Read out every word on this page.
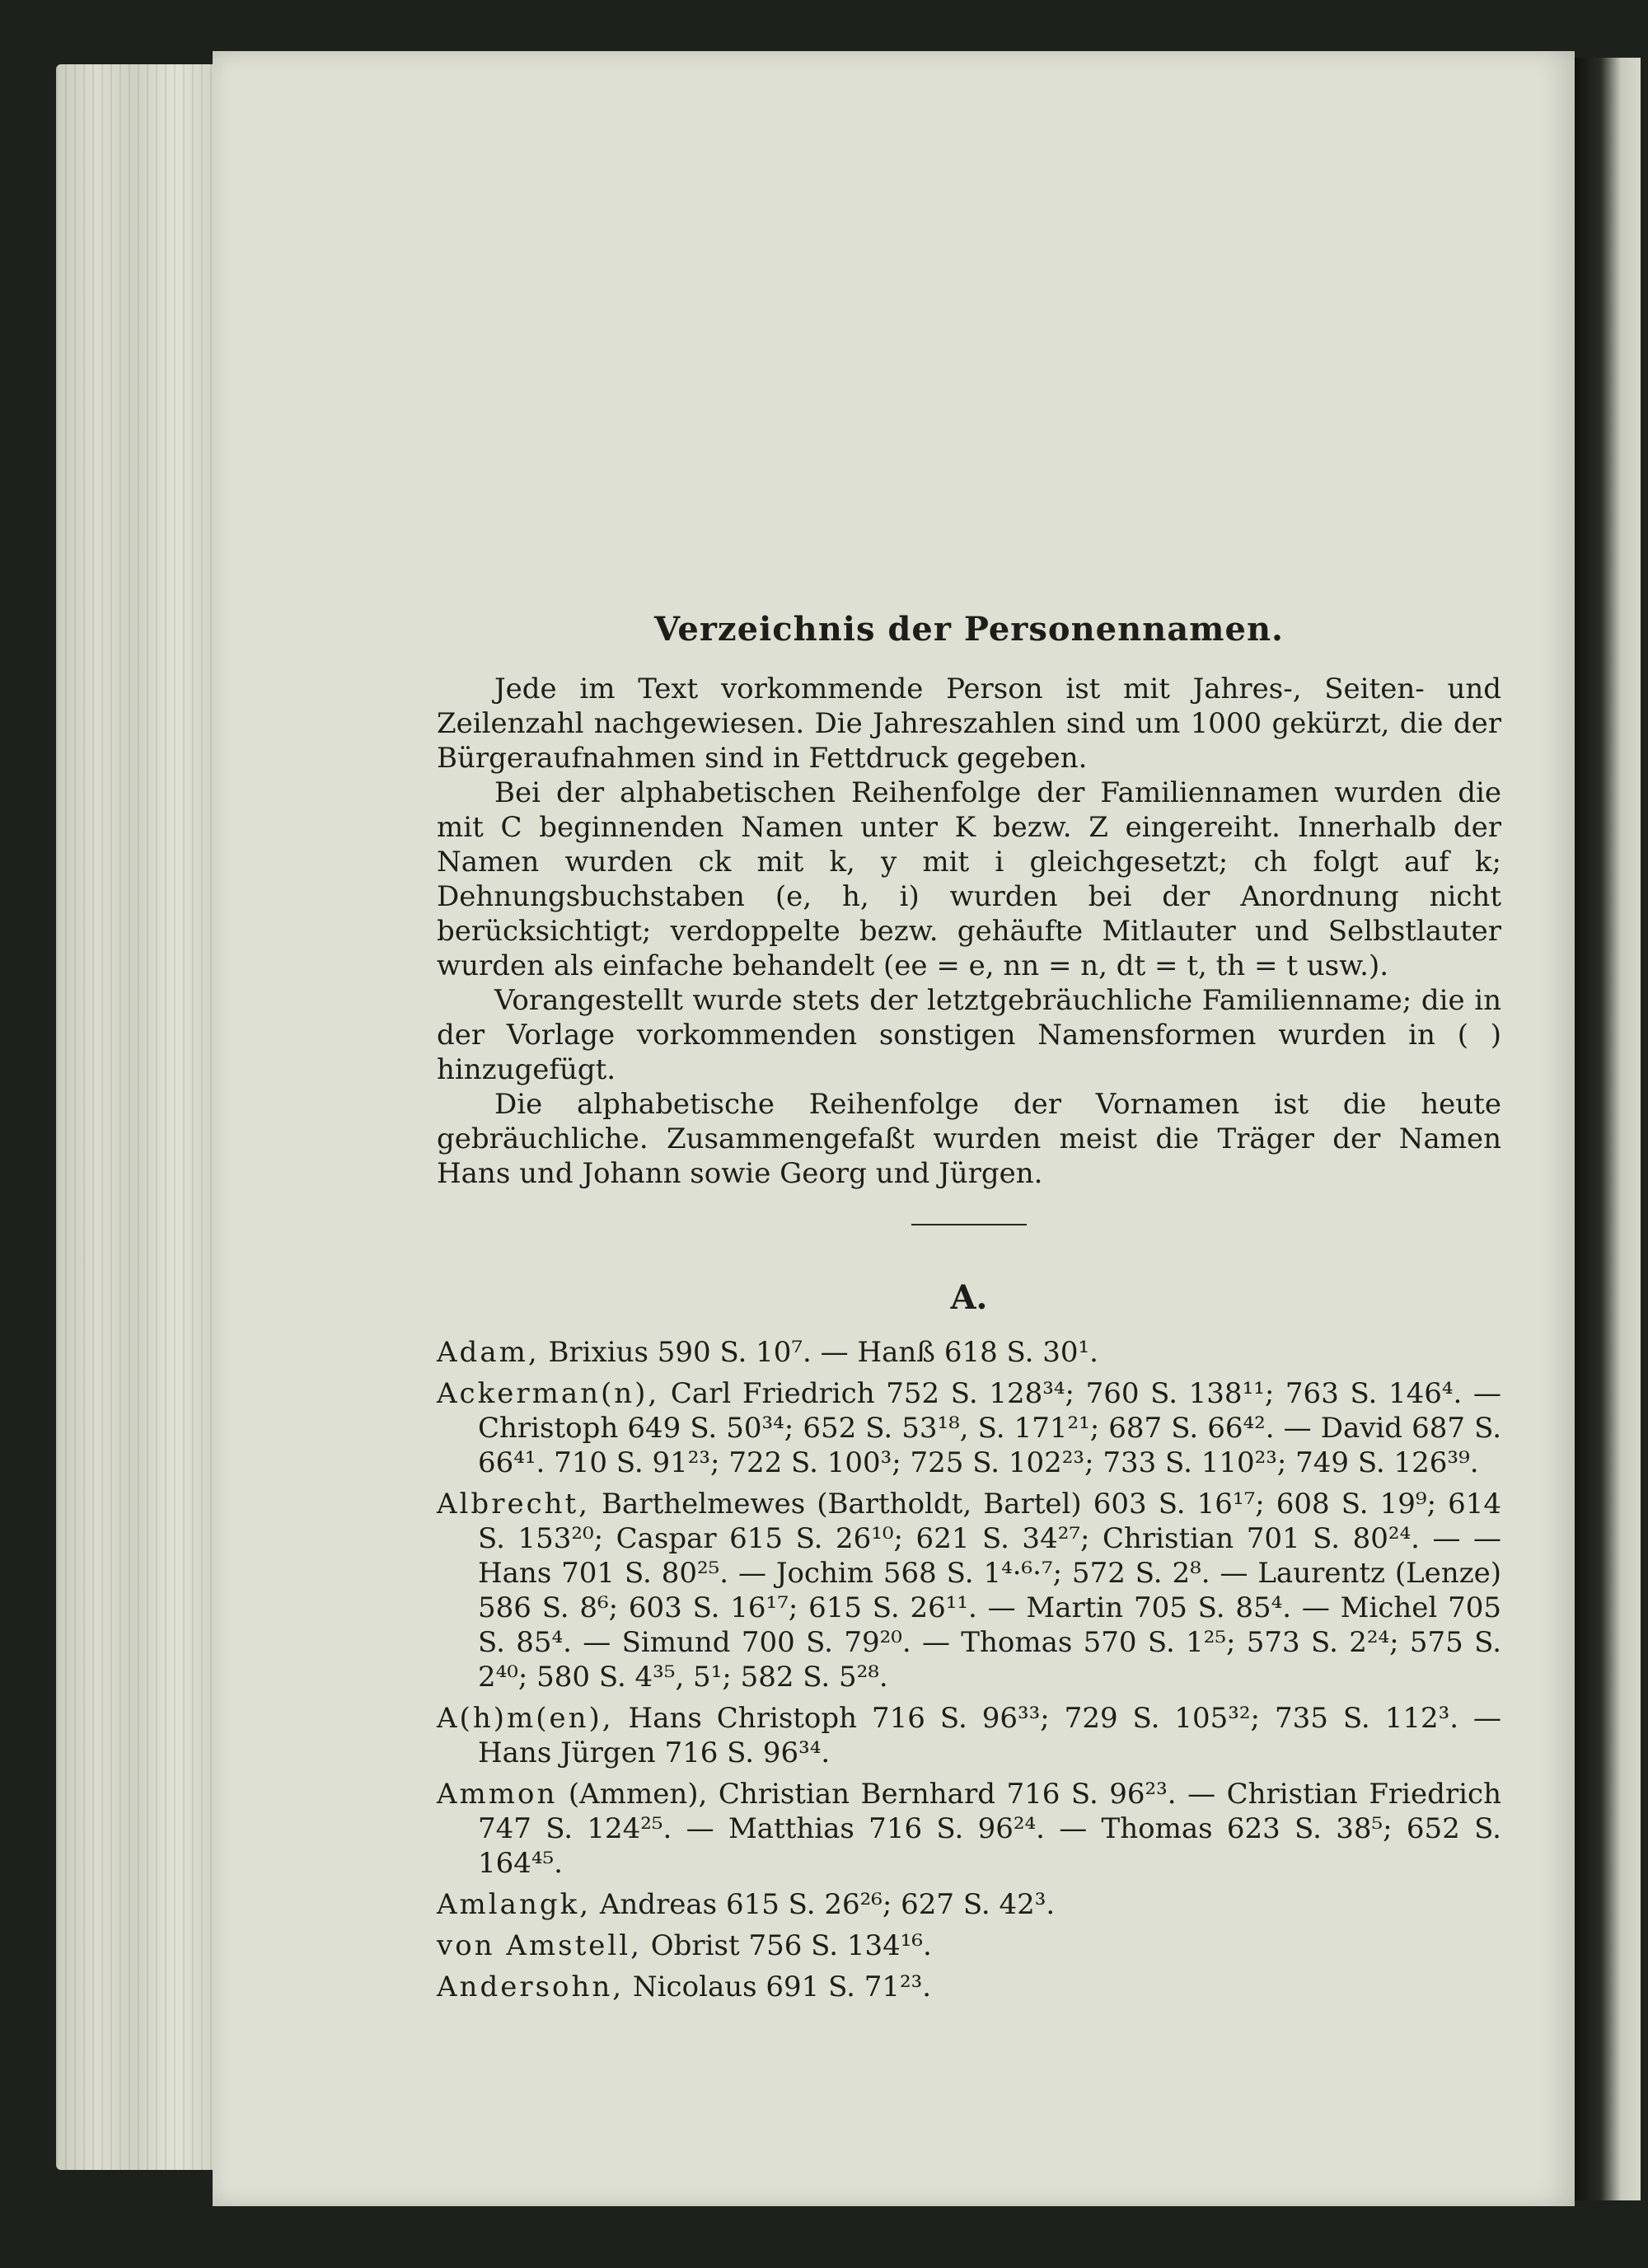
Verzeichnis der Personennamen.

Jede im Text vorkommende Person ist mit Jahres-, Seiten- und Zeilenzahl nachgewiesen. Die Jahreszahlen sind um 1000 gekürzt, die der Bürgeraufnahmen sind in Fettdruck gegeben.

Bei der alphabetischen Reihenfolge der Familiennamen wurden die mit C beginnenden Namen unter K bezw. Z eingereiht. Innerhalb der Namen wurden ck mit k, y mit i gleichgesetzt; ch folgt auf k; Dehnungsbuchstaben (e, h, i) wurden bei der Anordnung nicht berücksichtigt; verdoppelte bezw. gehäufte Mitlauter und Selbstlauter wurden als einfache behandelt (ee = e, nn = n, dt = t, th = t usw.).

Vorangestellt wurde stets der letztgebräuchliche Familienname; die in der Vorlage vorkommenden sonstigen Namensformen wurden in ( ) hinzugefügt.

Die alphabetische Reihenfolge der Vornamen ist die heute gebräuchliche. Zusammengefaßt wurden meist die Träger der Namen Hans und Johann sowie Georg und Jürgen.

A.

Adam, Brixius 590 S. 10⁷. — Hanß 618 S. 30¹.

Ackerman(n), Carl Friedrich 752 S. 128³⁴; 760 S. 138¹¹; 763 S. 146⁴. — Christoph 649 S. 50³⁴; 652 S. 53¹⁸, S. 171²¹; 687 S. 66⁴². — David 687 S. 66⁴¹. 710 S. 91²³; 722 S. 100³; 725 S. 102²³; 733 S. 110²³; 749 S. 126³⁹.

Albrecht, Barthelmewes (Bartholdt, Bartel) 603 S. 16¹⁷; 608 S. 19⁹; 614 S. 153²⁰; Caspar 615 S. 26¹⁰; 621 S. 34²⁷; Christian 701 S. 80²⁴. — — Hans 701 S. 80²⁵. — Jochim 568 S. 1⁴·⁶·⁷; 572 S. 2⁸. — Laurentz (Lenze) 586 S. 8⁶; 603 S. 16¹⁷; 615 S. 26¹¹. — Martin 705 S. 85⁴. — Michel 705 S. 85⁴. — Simund 700 S. 79²⁰. — Thomas 570 S. 1²⁵; 573 S. 2²⁴; 575 S. 2⁴⁰; 580 S. 4³⁵, 5¹; 582 S. 5²⁸.

A(h)m(en), Hans Christoph 716 S. 96³³; 729 S. 105³²; 735 S. 112³. — Hans Jürgen 716 S. 96³⁴.

Ammon (Ammen), Christian Bernhard 716 S. 96²³. — Christian Friedrich 747 S. 124²⁵. — Matthias 716 S. 96²⁴. — Thomas 623 S. 38⁵; 652 S. 164⁴⁵.

Amlangk, Andreas 615 S. 26²⁶; 627 S. 42³.

von Amstell, Obrist 756 S. 134¹⁶.

Andersohn, Nicolaus 691 S. 71²³.
